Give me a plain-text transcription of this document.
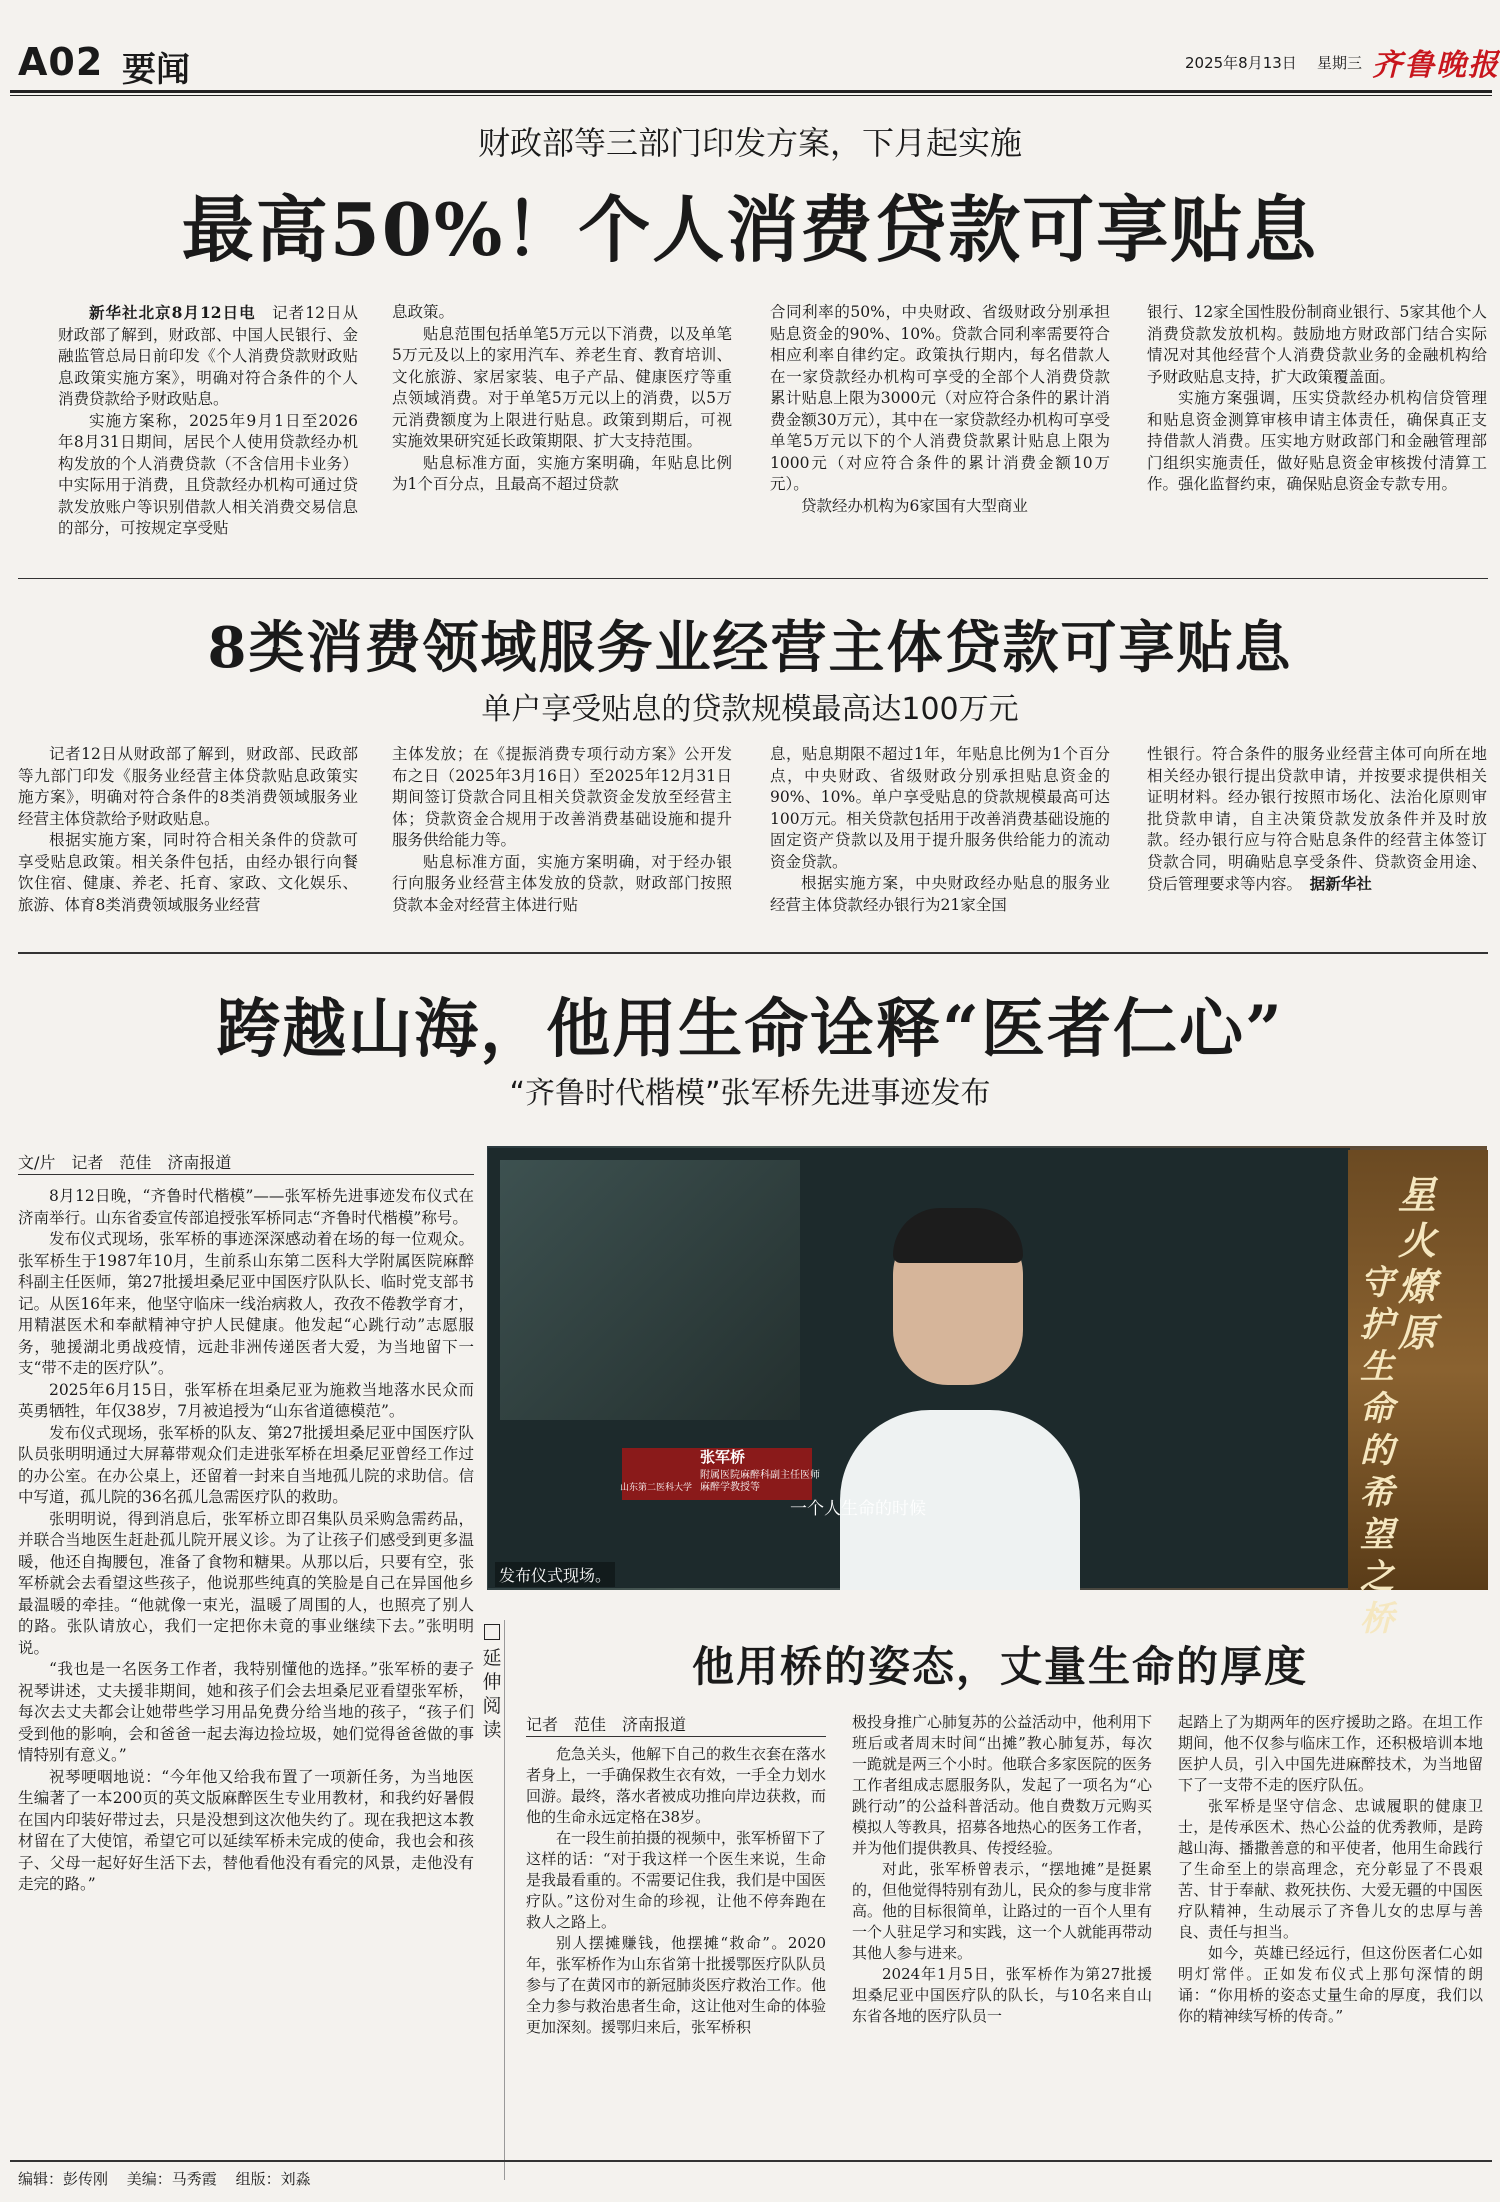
A02 要闻	2025年8月13日 星期三 齐鲁晚报
财政部等三部门印发方案，下月起实施
最高50%！个人消费贷款可享贴息

新华社北京8月12日电　 记者12日从财政部了解到，财政部、中国人民银行、金融监管总局日前印发《个人消费贷款财政贴息政策实施方案》，明确对符合条件的个人消费贷款给予财政贴息。

实施方案称，2025年9月1日至2026年8月31日期间，居民个人使用贷款经办机构发放的个人消费贷款（不含信用卡业务）中实际用于消费，且贷款经办机构可通过贷款发放账户等识别借款人相关消费交易信息的部分，可按规定享受贴

息政策。

贴息范围包括单笔5万元以下消费，以及单笔5万元及以上的家用汽车、养老生育、教育培训、文化旅游、家居家装、电子产品、健康医疗等重点领域消费。对于单笔5万元以上的消费，以5万元消费额度为上限进行贴息。政策到期后，可视实施效果研究延长政策期限、扩大支持范围。

贴息标准方面，实施方案明确，年贴息比例为1个百分点，且最高不超过贷款

合同利率的50%，中央财政、省级财政分别承担贴息资金的90%、10%。贷款合同利率需要符合相应利率自律约定。政策执行期内，每名借款人在一家贷款经办机构可享受的全部个人消费贷款累计贴息上限为3000元（对应符合条件的累计消费金额30万元），其中在一家贷款经办机构可享受单笔5万元以下的个人消费贷款累计贴息上限为1000元（对应符合条件的累计消费金额10万元）。

贷款经办机构为6家国有大型商业

银行、12家全国性股份制商业银行、5家其他个人消费贷款发放机构。鼓励地方财政部门结合实际情况对其他经营个人消费贷款业务的金融机构给予财政贴息支持，扩大政策覆盖面。

实施方案强调，压实贷款经办机构信贷管理和贴息资金测算审核申请主体责任，确保真正支持借款人消费。压实地方财政部门和金融管理部门组织实施责任，做好贴息资金审核拨付清算工作。强化监督约束，确保贴息资金专款专用。

8类消费领域服务业经营主体贷款可享贴息
单户享受贴息的贷款规模最高达100万元

记者12日从财政部了解到，财政部、民政部等九部门印发《服务业经营主体贷款贴息政策实施方案》，明确对符合条件的8类消费领域服务业经营主体贷款给予财政贴息。

根据实施方案，同时符合相关条件的贷款可享受贴息政策。相关条件包括，由经办银行向餐饮住宿、健康、养老、托育、家政、文化娱乐、旅游、体育8类消费领域服务业经营

主体发放；在《提振消费专项行动方案》公开发布之日（2025年3月16日）至2025年12月31日期间签订贷款合同且相关贷款资金发放至经营主体；贷款资金合规用于改善消费基础设施和提升服务供给能力等。

贴息标准方面，实施方案明确，对于经办银行向服务业经营主体发放的贷款，财政部门按照贷款本金对经营主体进行贴

息，贴息期限不超过1年，年贴息比例为1个百分点，中央财政、省级财政分别承担贴息资金的90%、10%。单户享受贴息的贷款规模最高可达100万元。相关贷款包括用于改善消费基础设施的固定资产贷款以及用于提升服务供给能力的流动资金贷款。

根据实施方案，中央财政经办贴息的服务业经营主体贷款经办银行为21家全国

性银行。符合条件的服务业经营主体可向所在地相关经办银行提出贷款申请，并按要求提供相关证明材料。经办银行按照市场化、法治化原则审批贷款申请，自主决策贷款发放条件并及时放款。经办银行应与符合贴息条件的经营主体签订贷款合同，明确贴息享受条件、贷款资金用途、贷后管理要求等内容。　 据新华社

跨越山海，他用生命诠释“医者仁心”
“齐鲁时代楷模”张军桥先进事迹发布
文/片　记者　范佳　济南报道

8月12日晚，“齐鲁时代楷模”——张军桥先进事迹发布仪式在济南举行。山东省委宣传部追授张军桥同志“齐鲁时代楷模”称号。

发布仪式现场，张军桥的事迹深深感动着在场的每一位观众。张军桥生于1987年10月，生前系山东第二医科大学附属医院麻醉科副主任医师，第27批援坦桑尼亚中国医疗队队长、临时党支部书记。从医16年来，他坚守临床一线治病救人，孜孜不倦教学育才，用精湛医术和奉献精神守护人民健康。他发起“心跳行动”志愿服务，驰援湖北勇战疫情，远赴非洲传递医者大爱，为当地留下一支“带不走的医疗队”。

2025年6月15日，张军桥在坦桑尼亚为施救当地落水民众而英勇牺牲，年仅38岁，7月被追授为“山东省道德模范”。

发布仪式现场，张军桥的队友、第27批援坦桑尼亚中国医疗队队员张明明通过大屏幕带观众们走进张军桥在坦桑尼亚曾经工作过的办公室。在办公桌上，还留着一封来自当地孤儿院的求助信。信中写道，孤儿院的36名孤儿急需医疗队的救助。

张明明说，得到消息后，张军桥立即召集队员采购急需药品，并联合当地医生赶赴孤儿院开展义诊。为了让孩子们感受到更多温暖，他还自掏腰包，准备了食物和糖果。从那以后，只要有空，张军桥就会去看望这些孩子，他说那些纯真的笑脸是自己在异国他乡最温暖的牵挂。“他就像一束光，温暖了周围的人，也照亮了别人的路。张队请放心，我们一定把你未竟的事业继续下去。”张明明说。

“我也是一名医务工作者，我特别懂他的选择。”张军桥的妻子祝琴讲述，丈夫援非期间，她和孩子们会去坦桑尼亚看望张军桥，每次去丈夫都会让她带些学习用品免费分给当地的孩子，“孩子们受到他的影响，会和爸爸一起去海边捡垃圾，她们觉得爸爸做的事情特别有意义。”

祝琴哽咽地说：“今年他又给我布置了一项新任务，为当地医生编著了一本200页的英文版麻醉医生专业用教材，和我约好暑假在国内印装好带过去，只是没想到这次他失约了。现在我把这本教材留在了大使馆，希望它可以延续军桥未完成的使命，我也会和孩子、父母一起好好生活下去，替他看他没有看完的风景，走他没有走完的路。”

张军桥
附属医院麻醉科副主任医师 麻醉学教授等
山东第二医科大学
一个人生命的时候
星火燎原
守护生命的希望之桥
发布仪式现场。
延伸阅读
他用桥的姿态，丈量生命的厚度
记者　范佳　济南报道

危急关头，他解下自己的救生衣套在落水者身上，一手确保救生衣有效，一手全力划水回游。最终，落水者被成功推向岸边获救，而他的生命永远定格在38岁。

在一段生前拍摄的视频中，张军桥留下了这样的话：“对于我这样一个医生来说，生命是我最看重的。不需要记住我，我们是中国医疗队。”这份对生命的珍视，让他不停奔跑在救人之路上。

别人摆摊赚钱，他摆摊“救命”。2020年，张军桥作为山东省第十批援鄂医疗队队员参与了在黄冈市的新冠肺炎医疗救治工作。他全力参与救治患者生命，这让他对生命的体验更加深刻。援鄂归来后，张军桥积

极投身推广心肺复苏的公益活动中，他利用下班后或者周末时间“出摊”教心肺复苏，每次一跪就是两三个小时。他联合多家医院的医务工作者组成志愿服务队，发起了一项名为“心跳行动”的公益科普活动。他自费数万元购买模拟人等教具，招募各地热心的医务工作者，并为他们提供教具、传授经验。

对此，张军桥曾表示，“摆地摊”是挺累的，但他觉得特别有劲儿，民众的参与度非常高。他的目标很简单，让路过的一百个人里有一个人驻足学习和实践，这一个人就能再带动其他人参与进来。

2024年1月5日，张军桥作为第27批援坦桑尼亚中国医疗队的队长，与10名来自山东省各地的医疗队员一

起踏上了为期两年的医疗援助之路。在坦工作期间，他不仅参与临床工作，还积极培训本地医护人员，引入中国先进麻醉技术，为当地留下了一支带不走的医疗队伍。

张军桥是坚守信念、忠诚履职的健康卫士，是传承医术、热心公益的优秀教师，是跨越山海、播撒善意的和平使者，他用生命践行了生命至上的崇高理念，充分彰显了不畏艰苦、甘于奉献、救死扶伤、大爱无疆的中国医疗队精神，生动展示了齐鲁儿女的忠厚与善良、责任与担当。

如今，英雄已经远行，但这份医者仁心如明灯常伴。正如发布仪式上那句深情的朗诵：“你用桥的姿态丈量生命的厚度，我们以你的精神续写桥的传奇。”

编辑：彭传刚 美编：马秀霞 组版：刘淼
